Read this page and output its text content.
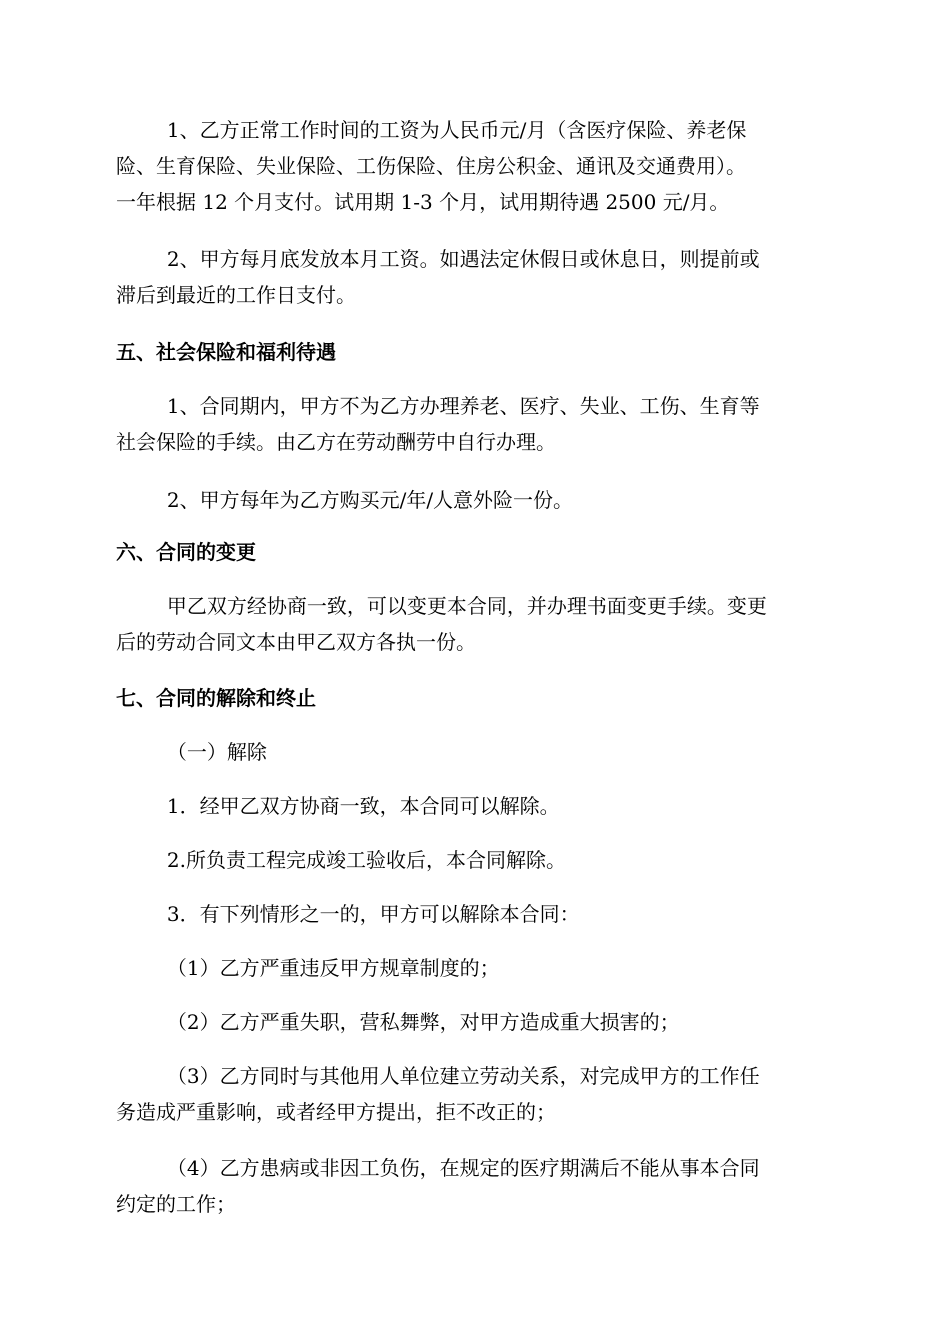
1、乙方正常工作时间的工资为人民币元/月（含医疗保险、养老保
险、生育保险、失业保险、工伤保险、住房公积金、通讯及交通费用）。
一年根据 12 个月支付。试用期 1-3 个月，试用期待遇 2500 元/月。
2、甲方每月底发放本月工资。如遇法定休假日或休息日，则提前或
滞后到最近的工作日支付。
五、社会保险和福利待遇
1、合同期内，甲方不为乙方办理养老、医疗、失业、工伤、生育等
社会保险的手续。由乙方在劳动酬劳中自行办理。
2、甲方每年为乙方购买元/年/人意外险一份。
六、合同的变更
甲乙双方经协商一致，可以变更本合同，并办理书面变更手续。变更
后的劳动合同文本由甲乙双方各执一份。
七、合同的解除和终止
（一）解除
1．经甲乙双方协商一致，本合同可以解除。
2.所负责工程完成竣工验收后，本合同解除。
3．有下列情形之一的，甲方可以解除本合同：
（1）乙方严重违反甲方规章制度的；
（2）乙方严重失职，营私舞弊，对甲方造成重大损害的；
（3）乙方同时与其他用人单位建立劳动关系，对完成甲方的工作任
务造成严重影响，或者经甲方提出，拒不改正的；
（4）乙方患病或非因工负伤，在规定的医疗期满后不能从事本合同
约定的工作；
